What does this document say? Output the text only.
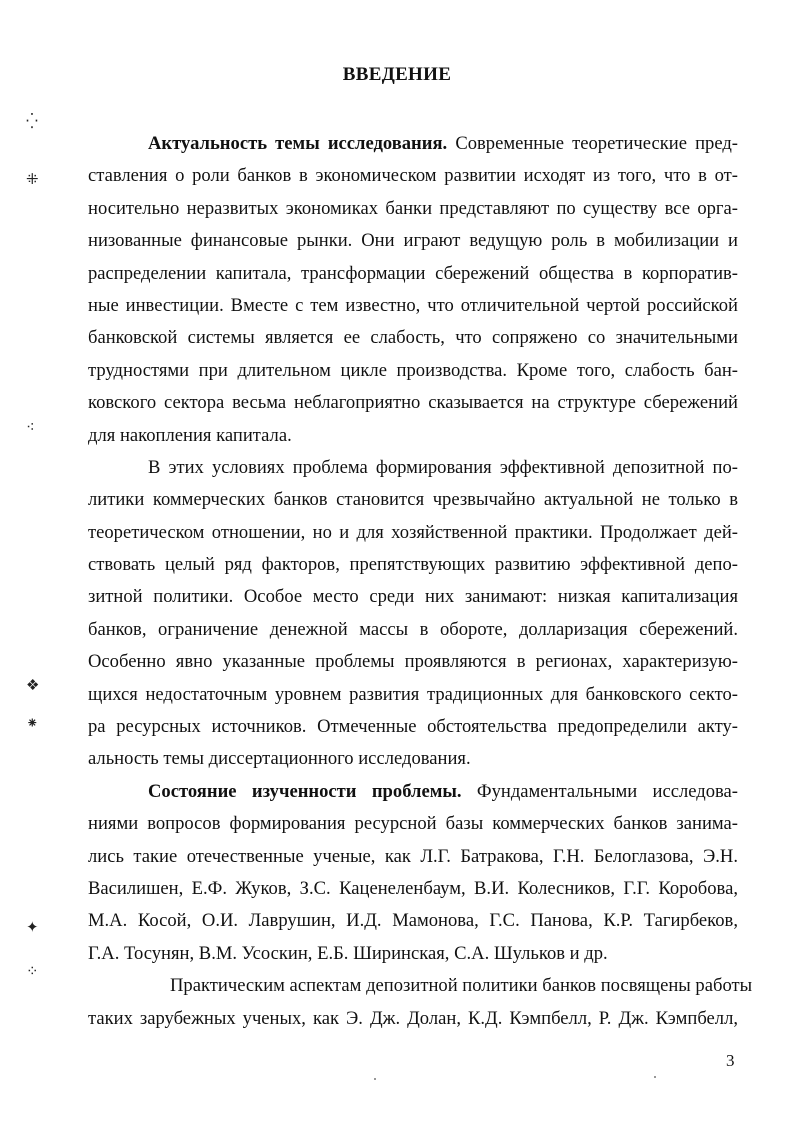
ВВЕДЕНИЕ
Актуальность темы исследования. Современные теоретические пред-
ставления о роли банков в экономическом развитии исходят из того, что в от-
носительно неразвитых экономиках банки представляют по существу все орга-
низованные финансовые рынки. Они играют ведущую роль в мобилизации и
распределении капитала, трансформации сбережений общества в корпоратив-
ные инвестиции. Вместе с тем известно, что отличительной чертой российской
банковской системы является ее слабость, что сопряжено со значительными
трудностями при длительном цикле производства. Кроме того, слабость бан-
ковского сектора весьма неблагоприятно сказывается на структуре сбережений
для накопления капитала.
В этих условиях проблема формирования эффективной депозитной по-
литики коммерческих банков становится чрезвычайно актуальной не только в
теоретическом отношении, но и для хозяйственной практики. Продолжает дей-
ствовать целый ряд факторов, препятствующих развитию эффективной депо-
зитной политики. Особое место среди них занимают: низкая капитализация
банков, ограничение денежной массы в обороте, долларизация сбережений.
Особенно явно указанные проблемы проявляются в регионах, характеризую-
щихся недостаточным уровнем развития традиционных для банковского секто-
ра ресурсных источников. Отмеченные обстоятельства предопределили акту-
альность темы диссертационного исследования.
Состояние изученности проблемы. Фундаментальными исследова-
ниями вопросов формирования ресурсной базы коммерческих банков занима-
лись такие отечественные ученые, как Л.Г. Батракова, Г.Н. Белоглазова, Э.Н.
Василишен, Е.Ф. Жуков, З.С. Каценеленбаум, В.И. Колесников, Г.Г. Коробова,
М.А. Косой, О.И. Лаврушин, И.Д. Мамонова, Г.С. Панова, К.Р. Тагирбеков,
Г.А. Тосунян, В.М. Усоскин, Е.Б. Ширинская, С.А. Шульков и др.
Практическим аспектам депозитной политики банков посвящены работы
таких зарубежных ученых, как Э. Дж. Долан, К.Д. Кэмпбелл, Р. Дж. Кэмпбелл,
3
⁛
⁜
⁖
❖
⁕
✦
⁘
